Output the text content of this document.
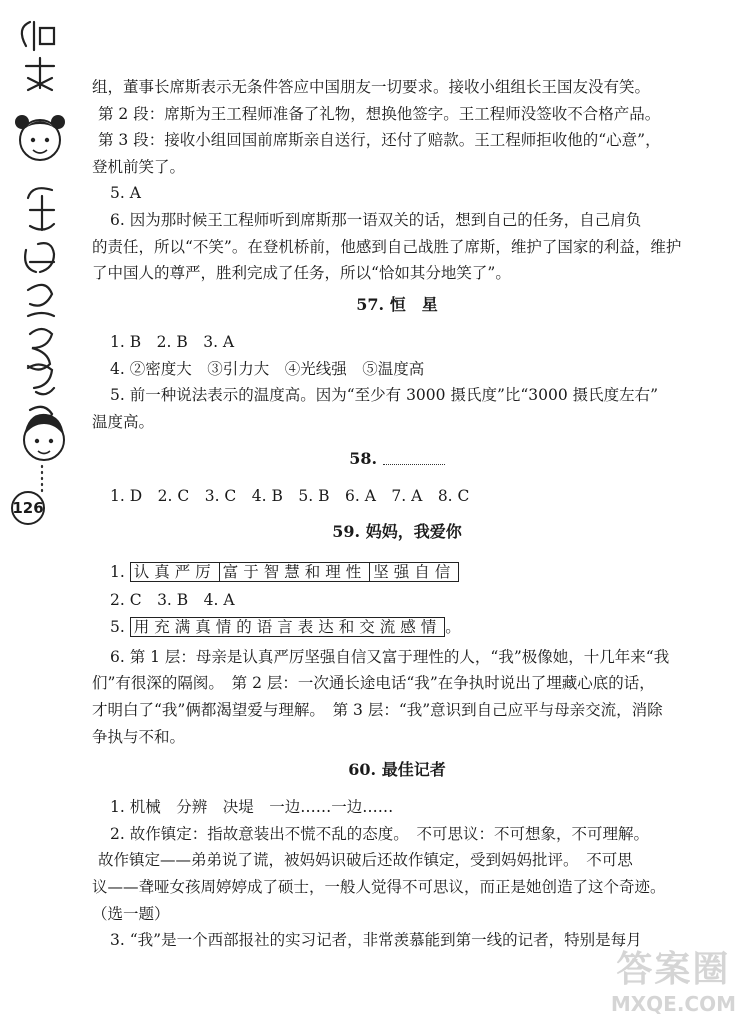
126
组，董事长席斯表示无条件答应中国朋友一切要求。接收小组组长王国友没有笑。
第 2 段：席斯为王工程师准备了礼物，想换他签字。王工程师没签收不合格产品。
第 3 段：接收小组回国前席斯亲自送行，还付了赔款。王工程师拒收他的“心意”，
登机前笑了。
5. A
6. 因为那时候王工程师听到席斯那一语双关的话，想到自己的任务，自己肩负
的责任，所以“不笑”。在登机桥前，他感到自己战胜了席斯，维护了国家的利益，维护
了中国人的尊严，胜利完成了任务，所以“恰如其分地笑了”。
57. 恒　星
1. B　2. B　3. A
4. ②密度大　③引力大　④光线强　⑤温度高
5. 前一种说法表示的温度高。因为“至少有 3000 摄氏度”比“3000 摄氏度左右”
温度高。
58.
1. D　2. C　3. C　4. B　5. B　6. A　7. A　8. C
59. 妈妈，我爱你
1. 认真严厉 富于智慧和理性 坚强自信
2. C　3. B　4. A
5. 用充满真情的语言表达和交流感情 。
6. 第 1 层：母亲是认真严厉坚强自信又富于理性的人，“我”极像她，十几年来“我
们”有很深的隔阂。　第 2 层：一次通长途电话“我”在争执时说出了埋藏心底的话，
才明白了“我”俩都渴望爱与理解。　第 3 层：“我”意识到自己应平与母亲交流，消除
争执与不和。
60. 最佳记者
1. 机械　分辨　决堤　一边……一边……
2. 故作镇定：指故意装出不慌不乱的态度。　不可思议：不可想象，不可理解。
故作镇定——弟弟说了谎，被妈妈识破后还故作镇定，受到妈妈批评。　不可思
议——聋哑女孩周婷婷成了硕士，一般人觉得不可思议，而正是她创造了这个奇迹。
（选一题）
3. “我”是一个西部报社的实习记者，非常羡慕能到第一线的记者，特别是每月
答案圈
MXQE.COM
